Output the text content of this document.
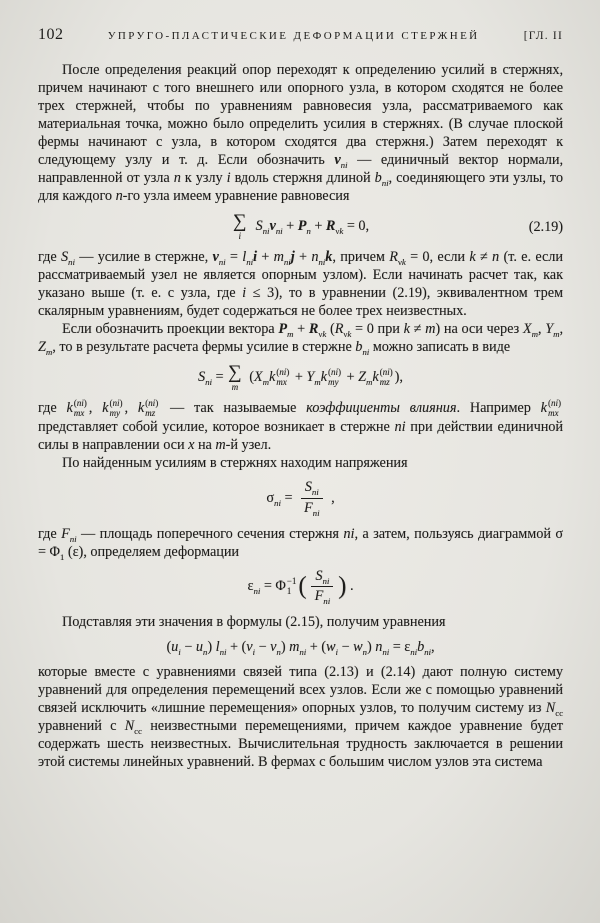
102	УПРУГО-ПЛАСТИЧЕСКИЕ ДЕФОРМАЦИИ СТЕРЖНЕЙ	[ГЛ. II

После определения реакций опор переходят к определению усилий в стержнях, причем начинают с того внешнего или опорного узла, в котором сходятся не более трех стержней, чтобы по уравнениям равновесия узла, рассматриваемого как материальная точка, можно было определить усилия в стержнях. (В случае плоской фермы начинают с узла, в котором сходятся два стержня.) Затем переходят к следующему узлу и т. д. Если обозначить $\nu_{ni}$ — единичный вектор нормали, направленной от узла n к узлу i вдоль стержня длиной $b_{ni}$, соединяющего эти узлы, то для каждого n-го узла имеем уравнение равновесия

∑
i
$S_{ni}\nu_{ni} + P_n + R_{\nu k} = 0$,	(2.19)

где $S_{ni}$ — усилие в стержне, $\nu_{ni} = l_{ni}i + m_{ni}j + n_{ni}k$, причем $R_{\nu k} = 0$, если k ≠ n (т. е. если рассматриваемый узел не является опорным узлом). Если начинать расчет так, как указано выше (т. е. с узла, где i ≤ 3), то в уравнении (2.19), эквивалентном трем скалярным уравнениям, будет содержаться не более трех неизвестных.

Если обозначить проекции вектора $P_m + R_{\nu k}$ ($R_{\nu k} = 0$ при k ≠ m) на оси через $X_m$, $Y_m$, $Z_m$, то в результате расчета фермы усилие в стержне $b_{ni}$ можно записать в виде

$S_{ni}$ = ∑
m
($X_mk$ (ni)
mx + $Y_mk$ (ni)
my + $Z_mk$ (ni)
mz ),

где k (ni)
mx , k (ni)
my , k (ni)
mz — так называемые коэффициенты влияния. Например k (ni)
mx
представляет собой усилие, которое возникает в стержне ni при действии единичной силы в направлении оси x на m-й узел.

По найденным усилиям в стержнях находим напряжения

$\sigma_{ni} = \frac{S_{ni}}{F_{ni}}$ ,

где $F_{ni}$ — площадь поперечного сечения стержня ni, а затем, пользуясь диаграммой $\sigma = \Phi_1$ (ε), определяем деформации

$\varepsilon_{ni} = \Phi -1$
1 ( $\frac{S_{ni}}{F_{ni}}$ ) .

Подставляя эти значения в формулы (2.15), получим уравнения

$(u_i - u_n) l_{ni} + (v_i - v_n) m_{ni} + (w_i - w_n) n_{ni} = \varepsilon_{ni}b_{ni}$,

которые вместе с уравнениями связей типа (2.13) и (2.14) дают полную систему уравнений для определения перемещений всех узлов. Если же с помощью уравнений связей исключить «лишние перемещения» опорных узлов, то получим систему из $N_{сс}$ уравнений с $N_{сс}$ неизвестными перемещениями, причем каждое уравнение будет содержать шесть неизвестных. Вычислительная трудность заключается в решении этой системы линейных уравнений. В фермах с большим числом узлов эта система
